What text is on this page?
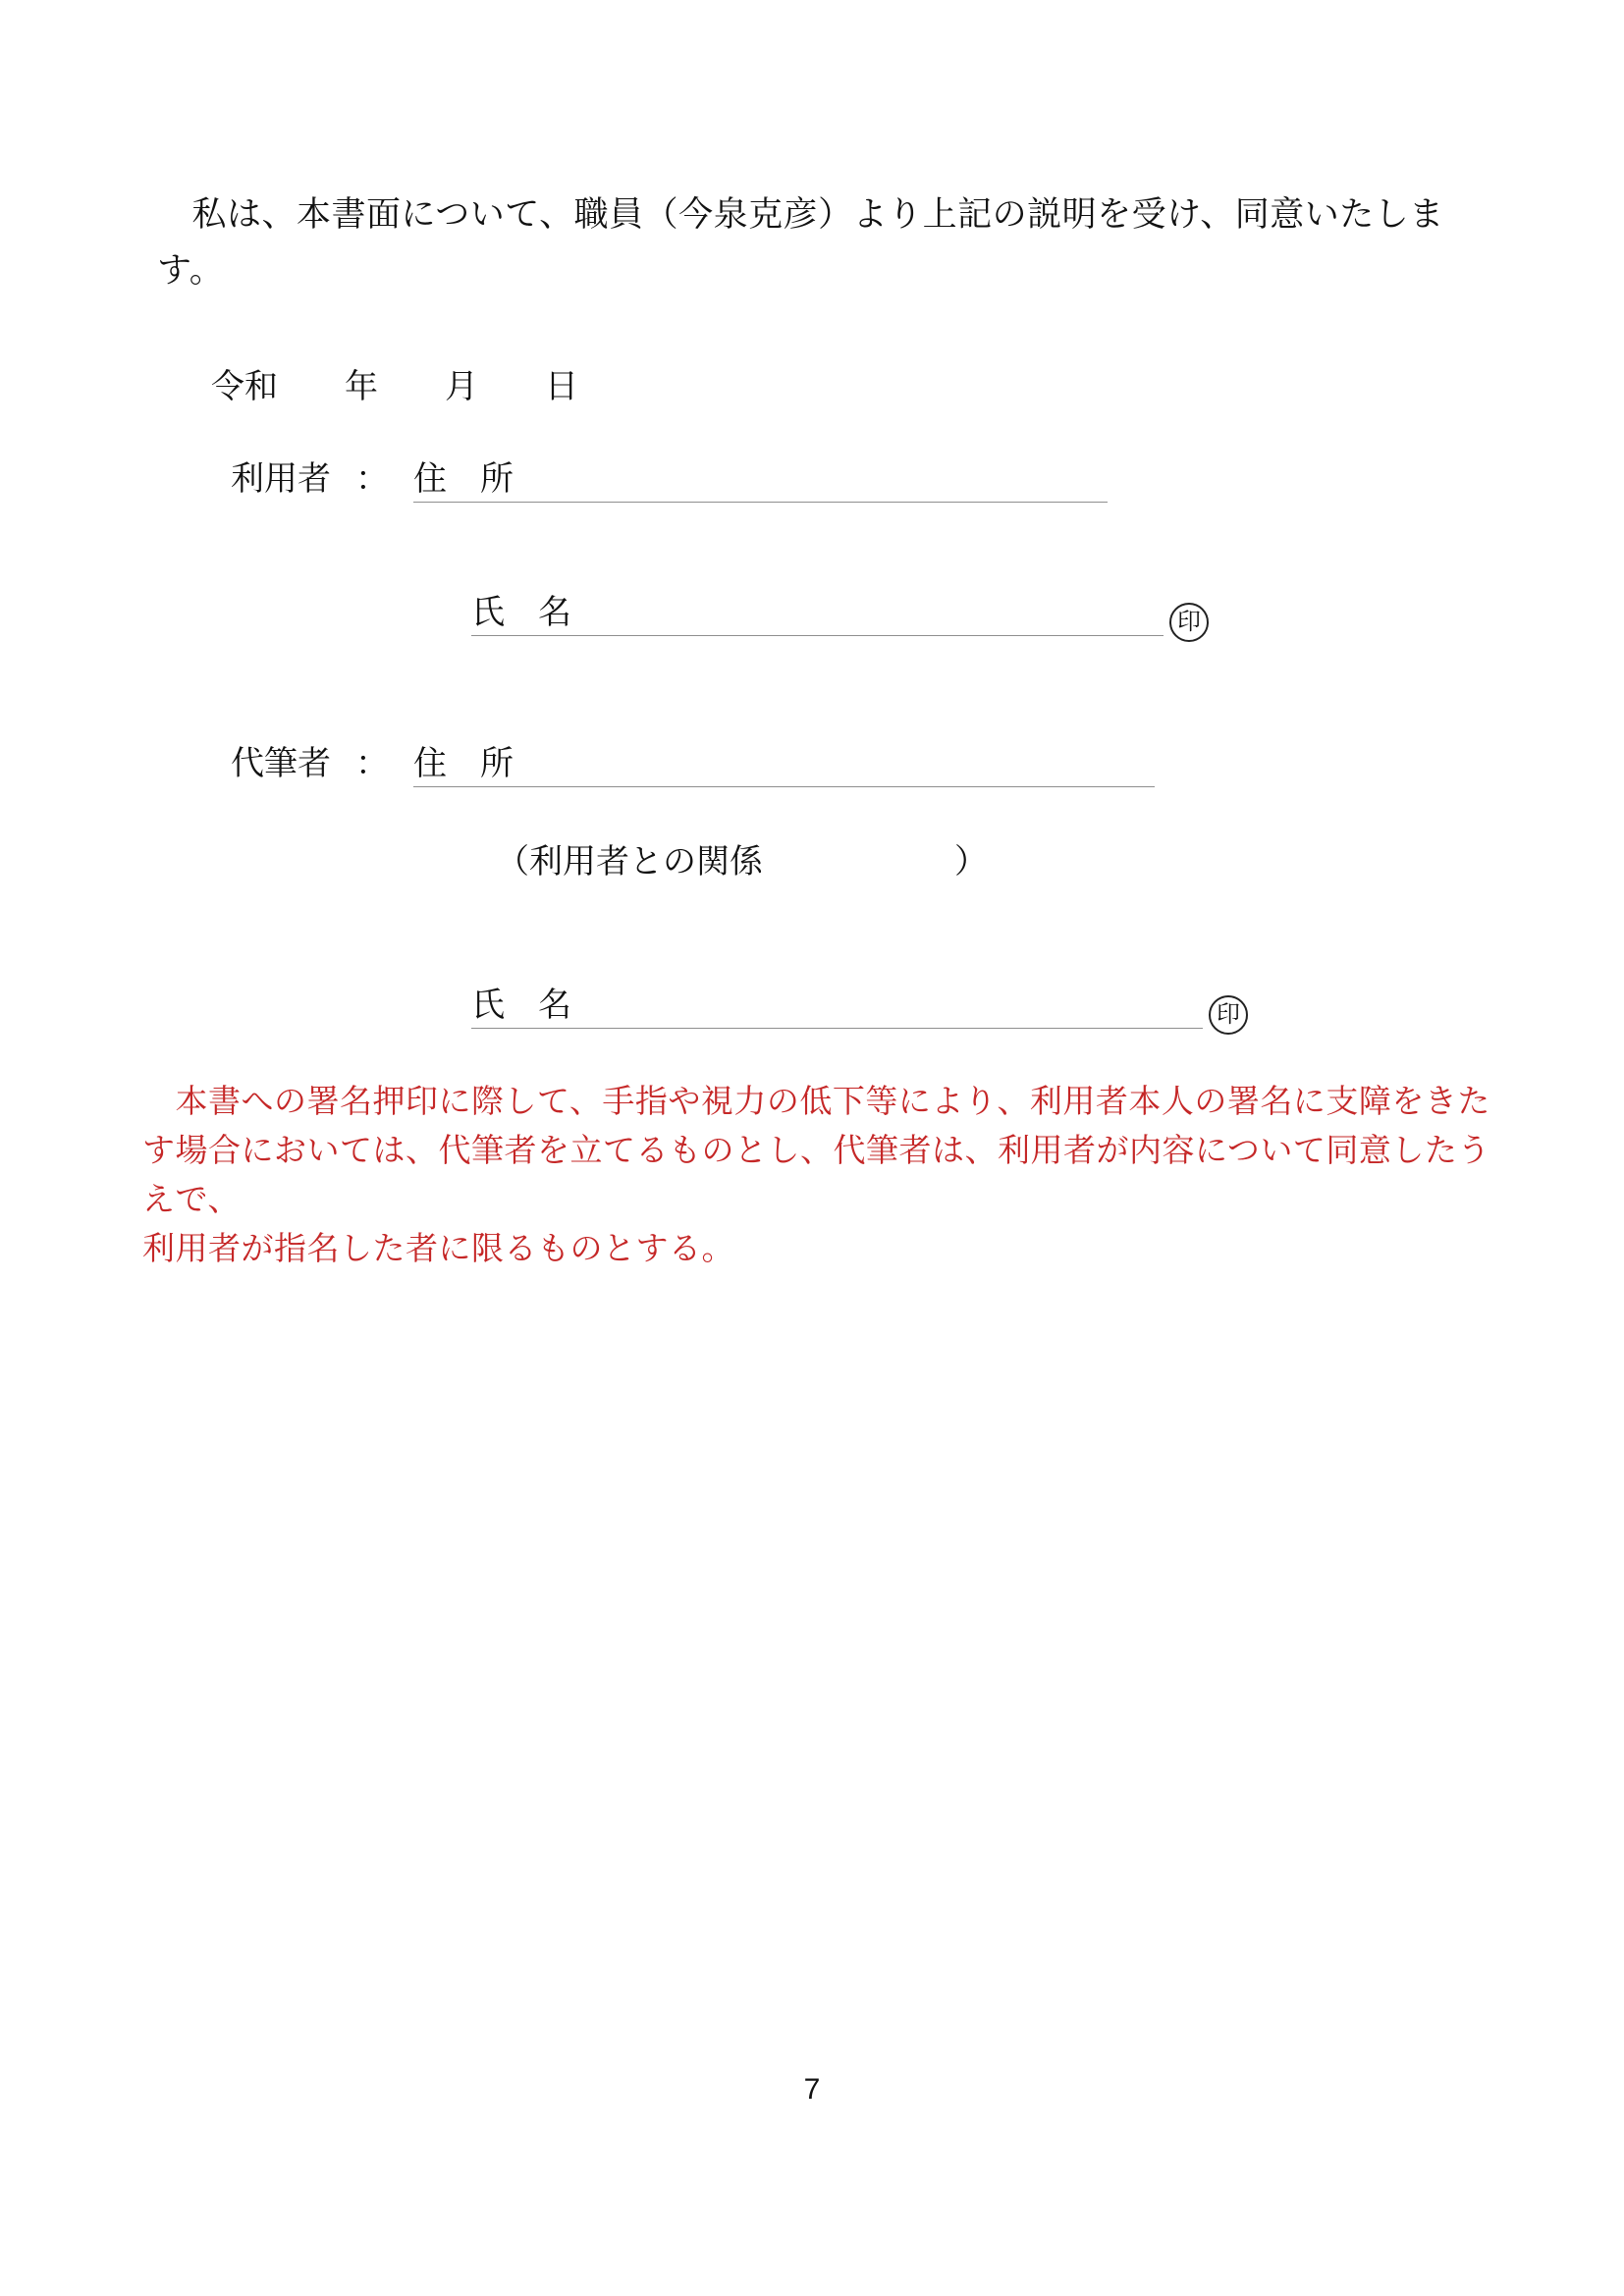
　私は、本書面について、職員（今泉克彦）より上記の説明を受け、同意いたしま
す。
令和　　年　　月　　日
利用者 ： 住　所
氏　名	印
代筆者 ： 住　所
（利用者との関係	）
氏　名	印
　本書への署名押印に際して、手指や視力の低下等により、利用者本人の署名に支障をきた
す場合においては、代筆者を立てるものとし、代筆者は、利用者が内容について同意したうえで、
利用者が指名した者に限るものとする。
7
